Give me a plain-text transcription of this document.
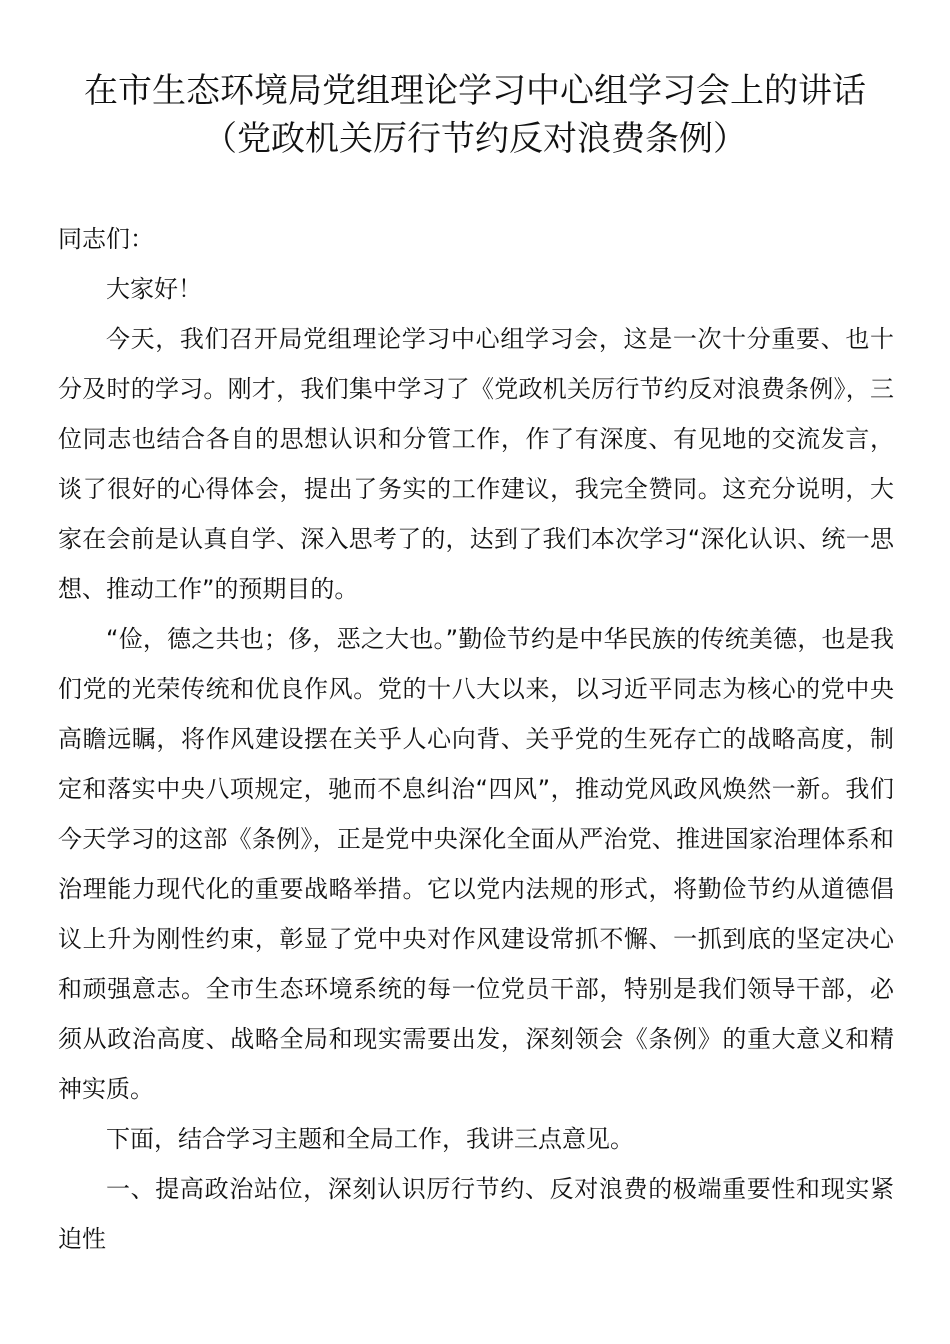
在市生态环境局党组理论学习中心组学习会上的讲话
（党政机关厉行节约反对浪费条例）

同志们：

大家好！

今天，我们召开局党组理论学习中心组学习会，这是一次十分重要、也十分及时的学习。刚才，我们集中学习了《党政机关厉行节约反对浪费条例》，三位同志也结合各自的思想认识和分管工作，作了有深度、有见地的交流发言，谈了很好的心得体会，提出了务实的工作建议，我完全赞同。这充分说明，大家在会前是认真自学、深入思考了的，达到了我们本次学习“深化认识、统一思想、推动工作”的预期目的。

“俭，德之共也；侈，恶之大也。”勤俭节约是中华民族的传统美德，也是我们党的光荣传统和优良作风。党的十八大以来，以习近平同志为核心的党中央高瞻远瞩，将作风建设摆在关乎人心向背、关乎党的生死存亡的战略高度，制定和落实中央八项规定，驰而不息纠治“四风”，推动党风政风焕然一新。我们今天学习的这部《条例》，正是党中央深化全面从严治党、推进国家治理体系和治理能力现代化的重要战略举措。它以党内法规的形式，将勤俭节约从道德倡议上升为刚性约束，彰显了党中央对作风建设常抓不懈、一抓到底的坚定决心和顽强意志。全市生态环境系统的每一位党员干部，特别是我们领导干部，必须从政治高度、战略全局和现实需要出发，深刻领会《条例》的重大意义和精神实质。

下面，结合学习主题和全局工作，我讲三点意见。

一、提高政治站位，深刻认识厉行节约、反对浪费的极端重要性和现实紧迫性
